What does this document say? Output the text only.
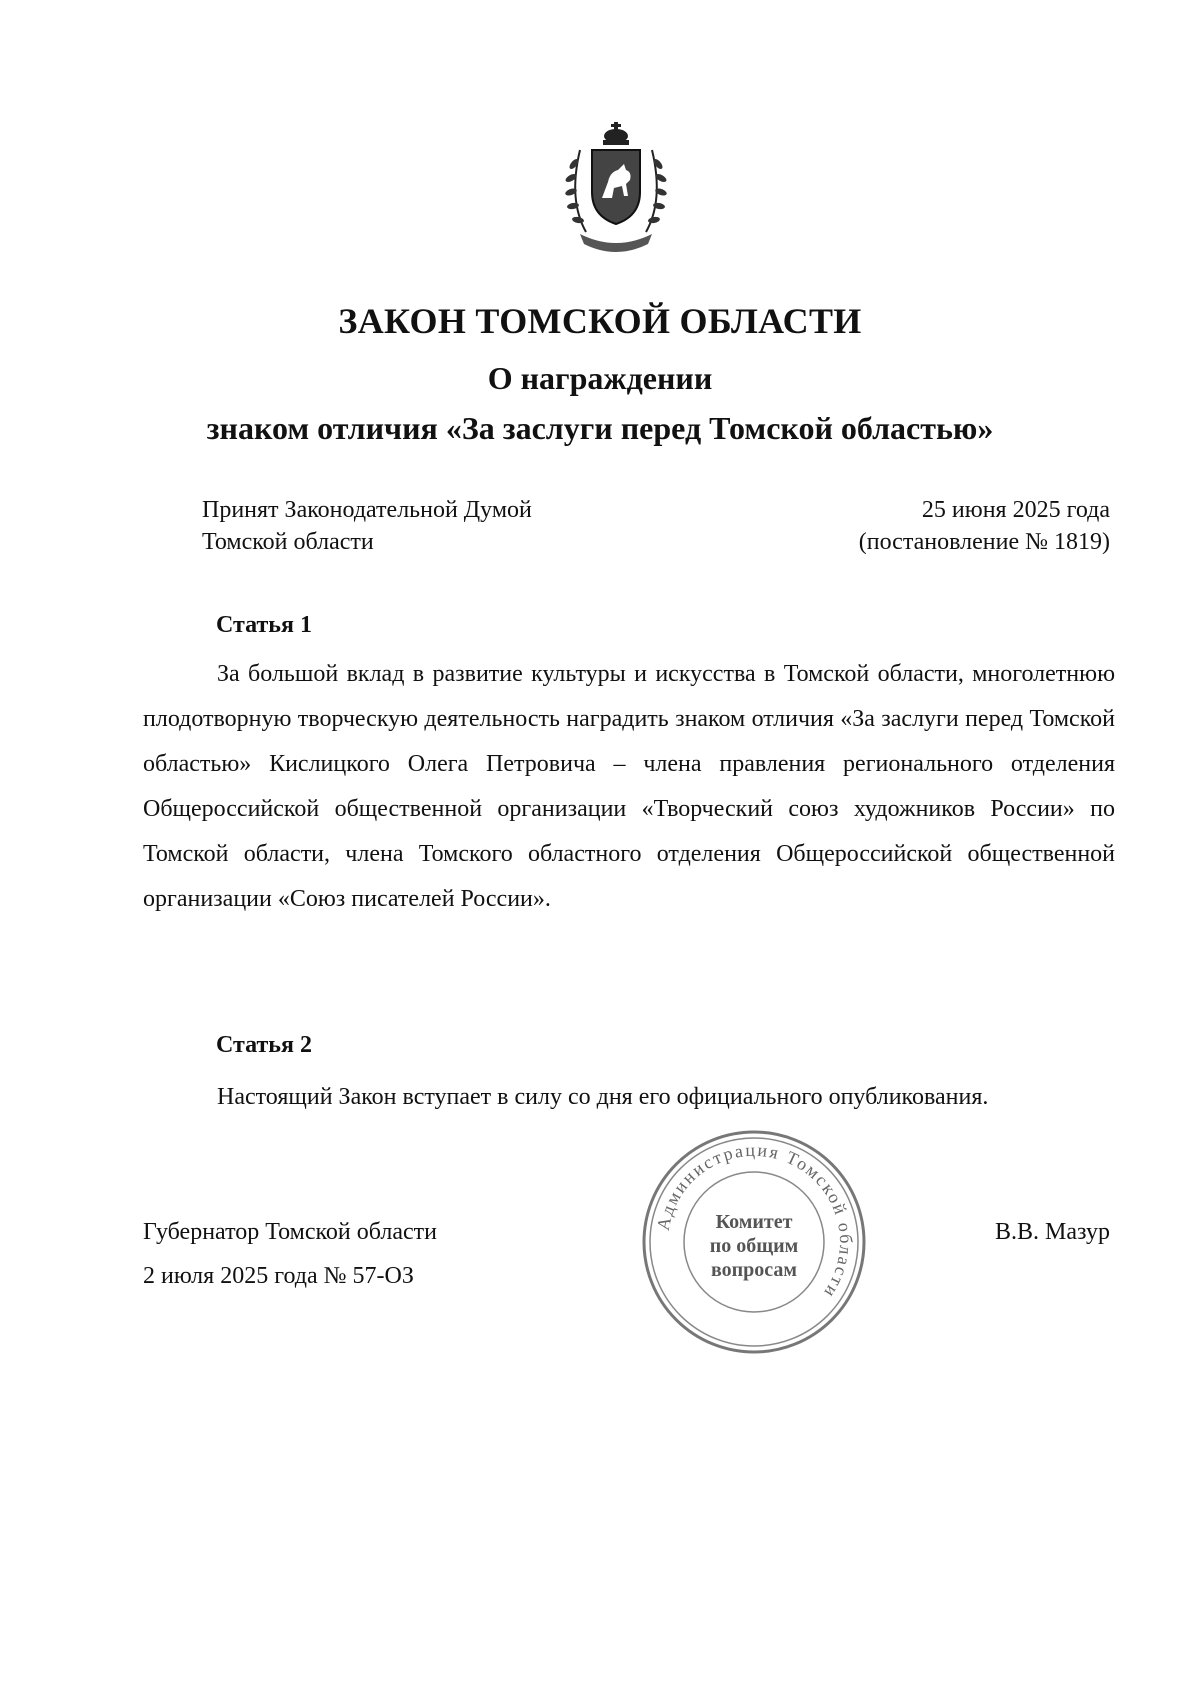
ЗАКОН ТОМСКОЙ ОБЛАСТИ
О награждении
знаком отличия «За заслуги перед Томской областью»
Принят Законодательной Думой
Томской области
25 июня 2025 года
(постановление № 1819)
Статья 1
За большой вклад в развитие культуры и искусства в Томской области, многолетнюю плодотворную творческую деятельность наградить знаком отличия «За заслуги перед Томской областью» Кислицкого Олега Петровича – члена правления регионального отделения Общероссийской общественной организации «Творческий союз художников России» по Томской области, члена Томского областного отделения Общероссийской общественной организации «Союз писателей России».
Статья 2
Настоящий Закон вступает в силу со дня его официального опубликования.
Губернатор Томской области
2 июля 2025 года № 57-ОЗ
В.В. Мазур
Администрация Томской области
Комитет
по общим
вопросам
